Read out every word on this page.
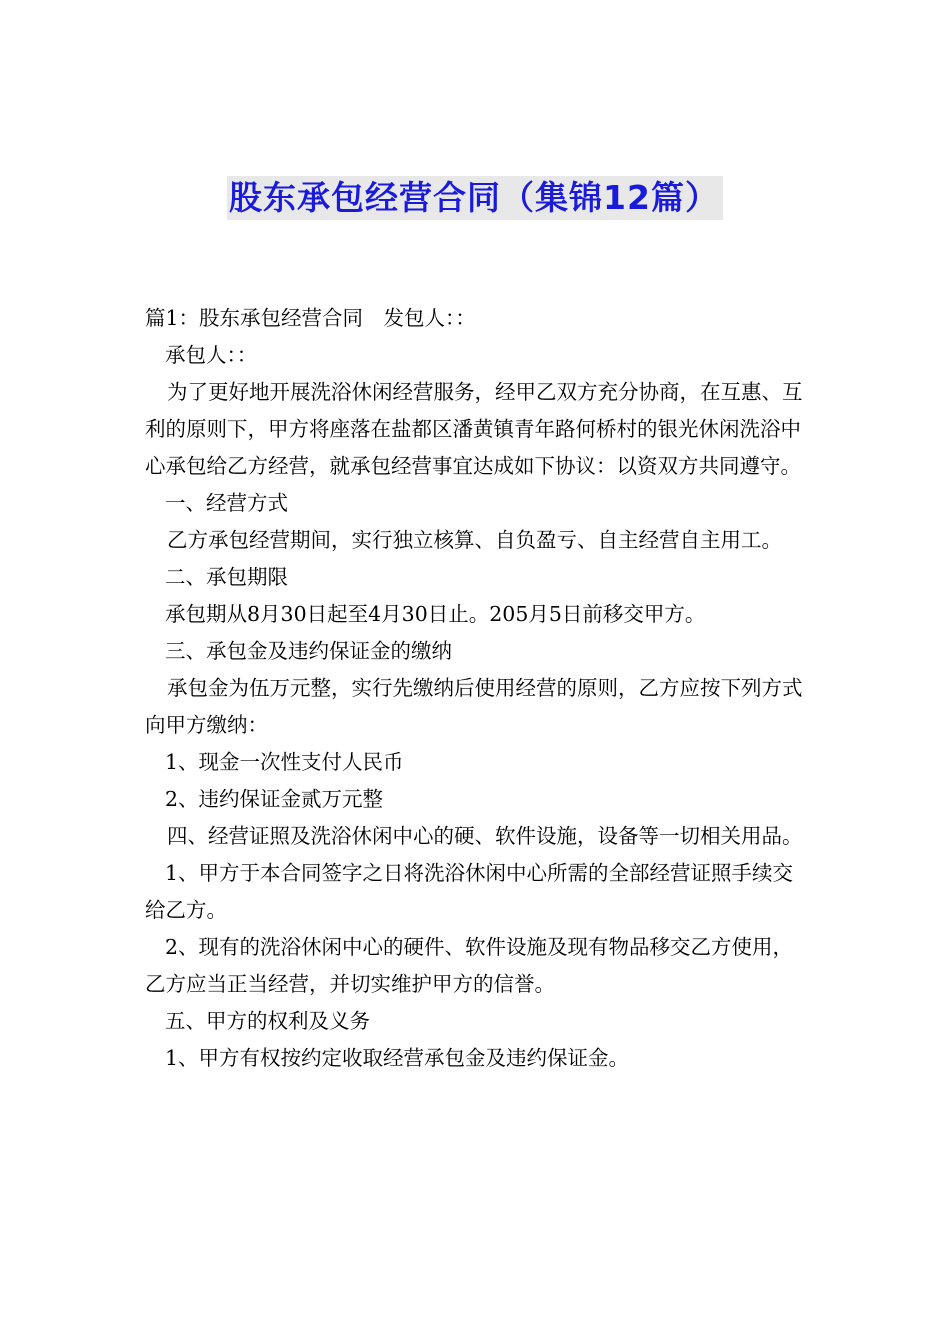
股东承包经营合同（集锦12篇）

篇1：股东承包经营合同　发包人：：

承包人：：

为了更好地开展洗浴休闲经营服务，经甲乙双方充分协商，在互惠、互利的原则下，甲方将座落在盐都区潘黄镇青年路何桥村的银光休闲洗浴中心承包给乙方经营，就承包经营事宜达成如下协议：以资双方共同遵守。

一、经营方式

乙方承包经营期间，实行独立核算、自负盈亏、自主经营自主用工。

二、承包期限

承包期从8月30日起至4月30日止。205月5日前移交甲方。

三、承包金及违约保证金的缴纳

承包金为伍万元整，实行先缴纳后使用经营的原则，乙方应按下列方式向甲方缴纳：

1、现金一次性支付人民币

2、违约保证金贰万元整

四、经营证照及洗浴休闲中心的硬、软件设施，设备等一切相关用品。

1、甲方于本合同签字之日将洗浴休闲中心所需的全部经营证照手续交给乙方。

2、现有的洗浴休闲中心的硬件、软件设施及现有物品移交乙方使用，乙方应当正当经营，并切实维护甲方的信誉。

五、甲方的权利及义务

1、甲方有权按约定收取经营承包金及违约保证金。
